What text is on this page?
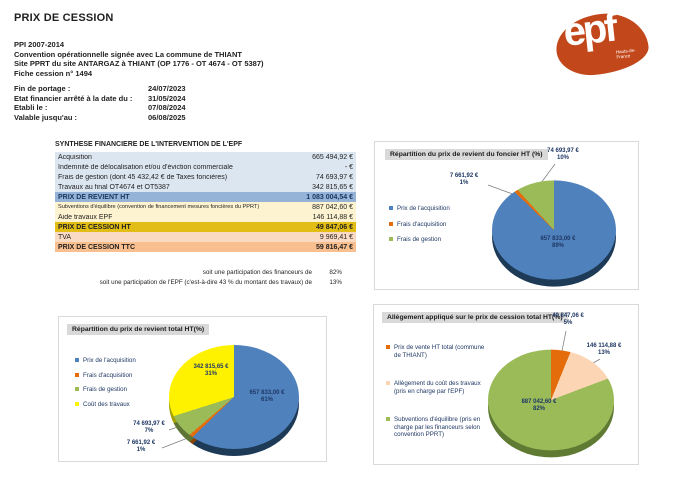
PRIX DE CESSION
PPI 2007-2014
Convention opérationnelle signée avec La commune de THIANT
Site PPRT du site ANTARGAZ à THIANT (OP 1776 - OT 4674 - OT 5387)
Fiche cession n° 1494
Fin de portage :	24/07/2023
Etat financier arrêté à la date du :	31/05/2024
Etabli le :	07/08/2024
Valable jusqu'au :	06/08/2025
epf Hauts-de-France
SYNTHESE FINANCIERE DE L'INTERVENTION DE L'EPF
Acquisition	665 494,92 €
Indemnité de délocalisation et/ou d'éviction commerciale	- €
Frais de gestion (dont 45 432,42 € de Taxes foncières)	74 693,97 €
Travaux au final OT4674 et OT5387	342 815,65 €
PRIX DE REVIENT HT	1 083 004,54 €
Subventions d'équilibre (convention de financement mesures foncières du PPRT)	887 042,60 €
Aide travaux EPF	146 114,88 €
PRIX DE CESSION HT	49 847,06 €
TVA	9 969,41 €
PRIX DE CESSION TTC	59 816,47 €
soit une participation des financeurs de	82%
soit une participation de l'EPF (c'est-à-dire 43 % du montant des travaux) de	13%
Répartition du prix de revient du foncier HT (%)
Prix de l'acquisition
Frais d'acquisition
Frais de gestion
74 693,97 €
10%
7 661,92 €
1%
657 833,00 €
89%
Répartition du prix de revient total HT(%)
Prix de l'acquisition
Frais d'acquisition
Frais de gestion
Coût des travaux
342 815,65 €
31%
657 833,00 €
61%
74 693,97 €
7%
7 661,92 €
1%
Allègement appliqué sur le prix de cession total HT(%)
Prix de vente HT total (commune de THIANT)
Allègement du coût des travaux (pris en charge par l'EPF)
Subventions d'équilibre (pris en charge par les financeurs selon convention PPRT)
49 847,06 €
5%
146 114,88 €
13%
887 042,60 €
82%
